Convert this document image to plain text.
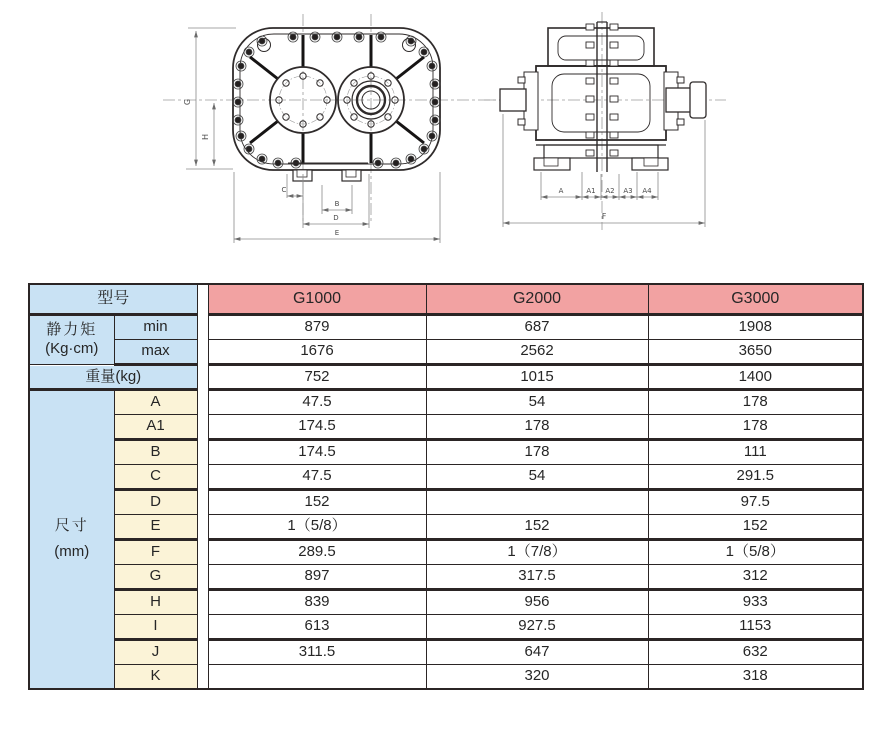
G
H
C
B
D
E
A	A1 A2 A3 A4
F
型号			G1000	G2000	G3000

静力矩
(Kg·cm)	min		879	687	1908
	max		1676	2562	3650
重量(kg)			752	1015	1400

尺寸
(mm)	A		47.5	54	178
	A1		174.5	178	178
	B		174.5	178	111
	C		47.5	54	291.5
	D		152		97.5
	E		1（5/8）	152	152
	F		289.5	1（7/8）	1（5/8）
	G		897	317.5	312
	H		839	956	933
	I		613	927.5	1153
	J		311.5	647	632
	K			320	318
